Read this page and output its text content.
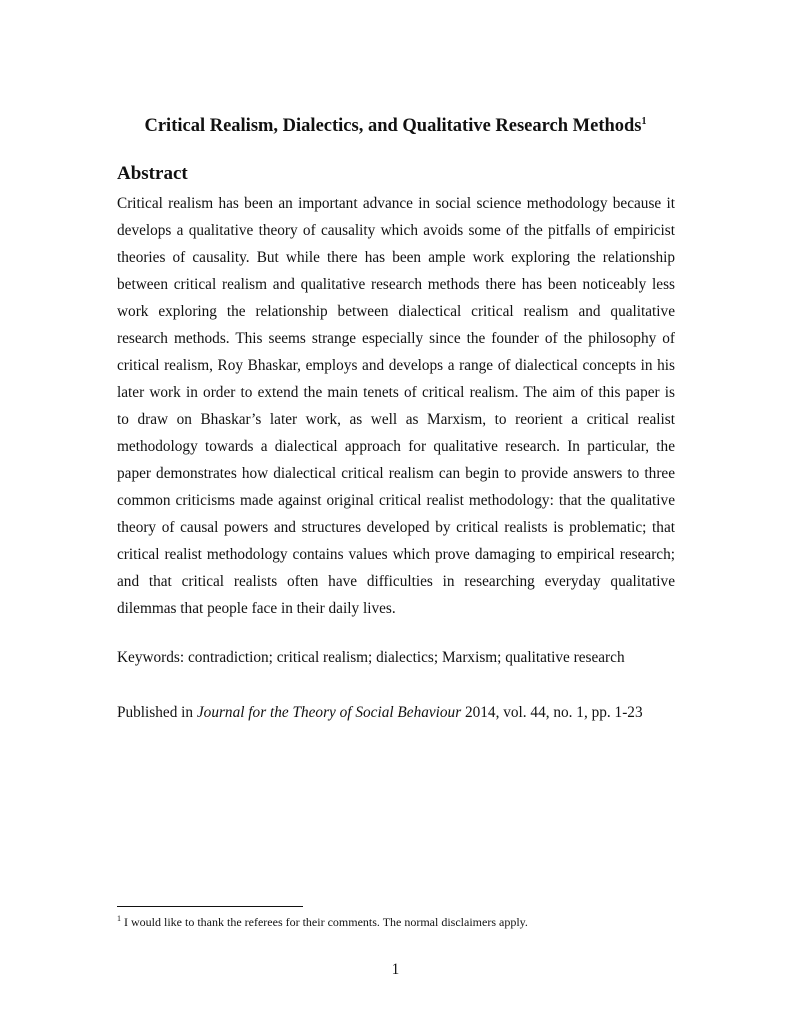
Critical Realism, Dialectics, and Qualitative Research Methods$^1$
Abstract
Critical realism has been an important advance in social science methodology because it
develops a qualitative theory of causality which avoids some of the pitfalls of empiricist
theories of causality. But while there has been ample work exploring the relationship
between critical realism and qualitative research methods there has been noticeably less
work exploring the relationship between dialectical critical realism and qualitative
research methods. This seems strange especially since the founder of the philosophy of
critical realism, Roy Bhaskar, employs and develops a range of dialectical concepts in his
later work in order to extend the main tenets of critical realism. The aim of this paper is
to draw on Bhaskar’s later work, as well as Marxism, to reorient a critical realist
methodology towards a dialectical approach for qualitative research. In particular, the
paper demonstrates how dialectical critical realism can begin to provide answers to three
common criticisms made against original critical realist methodology: that the qualitative
theory of causal powers and structures developed by critical realists is problematic; that
critical realist methodology contains values which prove damaging to empirical research;
and that critical realists often have difficulties in researching everyday qualitative
dilemmas that people face in their daily lives.

Keywords: contradiction; critical realism; dialectics; Marxism; qualitative research

Published in Journal for the Theory of Social Behaviour 2014, vol. 44, no. 1, pp. 1-23

$^1$ I would like to thank the referees for their comments. The normal disclaimers apply.

1
